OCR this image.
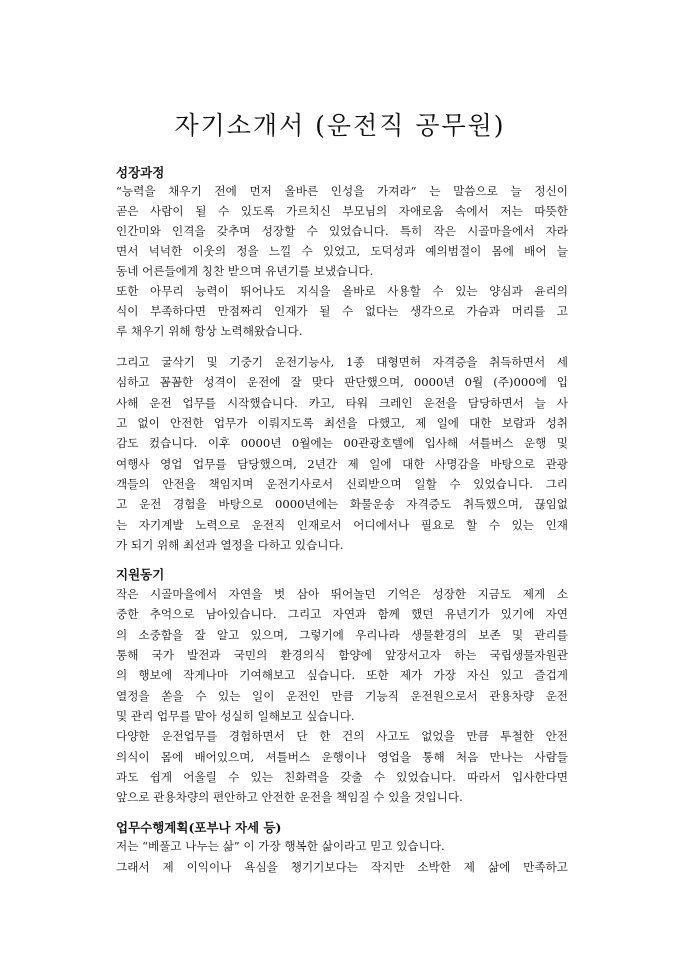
자기소개서 (운전직 공무원)
성장과정
“능력을 채우기 전에 먼저 올바른 인성을 가져라” 는 말씀으로 늘 정신이
곧은 사람이 될 수 있도록 가르치신 부모님의 자애로움 속에서 저는 따뜻한
인간미와 인격을 갖추며 성장할 수 있었습니다. 특히 작은 시골마을에서 자라
면서 넉넉한 이웃의 정을 느낄 수 있었고, 도덕성과 예의범절이 몸에 배어 늘
동네 어른들에게 칭찬 받으며 유년기를 보냈습니다.
또한 아무리 능력이 뛰어나도 지식을 올바로 사용할 수 있는 양심과 윤리의
식이 부족하다면 만점짜리 인재가 될 수 없다는 생각으로 가슴과 머리를 고
루 채우기 위해 항상 노력해왔습니다.
그리고 굴삭기 및 기중기 운전기능사, 1종 대형면허 자격증을 취득하면서 세
심하고 꼼꼼한 성격이 운전에 잘 맞다 판단했으며, 0000년 0월 (주)000에 입
사해 운전 업무를 시작했습니다. 카고, 타워 크레인 운전을 담당하면서 늘 사
고 없이 안전한 업무가 이뤄지도록 최선을 다했고, 제 일에 대한 보람과 성취
감도 컸습니다. 이후 0000년 0월에는 00관광호텔에 입사해 셔틀버스 운행 및
여행사 영업 업무를 담당했으며, 2년간 제 일에 대한 사명감을 바탕으로 관광
객들의 안전을 책임지며 운전기사로서 신뢰받으며 일할 수 있었습니다. 그리
고 운전 경험을 바탕으로 0000년에는 화물운송 자격증도 취득했으며, 끊임없
는 자기계발 노력으로 운전직 인재로서 어디에서나 필요로 할 수 있는 인재
가 되기 위해 최선과 열정을 다하고 있습니다.
지원동기
작은 시골마을에서 자연을 벗 삼아 뛰어놀던 기억은 성장한 지금도 제게 소
중한 추억으로 남아있습니다. 그리고 자연과 함께 했던 유년기가 있기에 자연
의 소중함을 잘 알고 있으며, 그렇기에 우리나라 생물환경의 보존 및 관리를
통해 국가 발전과 국민의 환경의식 함양에 앞장서고자 하는 국립생물자원관
의 행보에 작게나마 기여해보고 싶습니다. 또한 제가 가장 자신 있고 즐겁게
열정을 쏟을 수 있는 일이 운전인 만큼 기능직 운전원으로서 관용차량 운전
및 관리 업무를 맡아 성실히 일해보고 싶습니다.
다양한 운전업무를 경험하면서 단 한 건의 사고도 없었을 만큼 투철한 안전
의식이 몸에 배어있으며, 셔틀버스 운행이나 영업을 통해 처음 만나는 사람들
과도 쉽게 어울릴 수 있는 친화력을 갖출 수 있었습니다. 따라서 입사한다면
앞으로 관용차량의 편안하고 안전한 운전을 책임질 수 있을 것입니다.
업무수행계획(포부나 자세 등)
저는 “베풀고 나누는 삶” 이 가장 행복한 삶이라고 믿고 있습니다.
그래서 제 이익이나 욕심을 챙기기보다는 작지만 소박한 제 삶에 만족하고
